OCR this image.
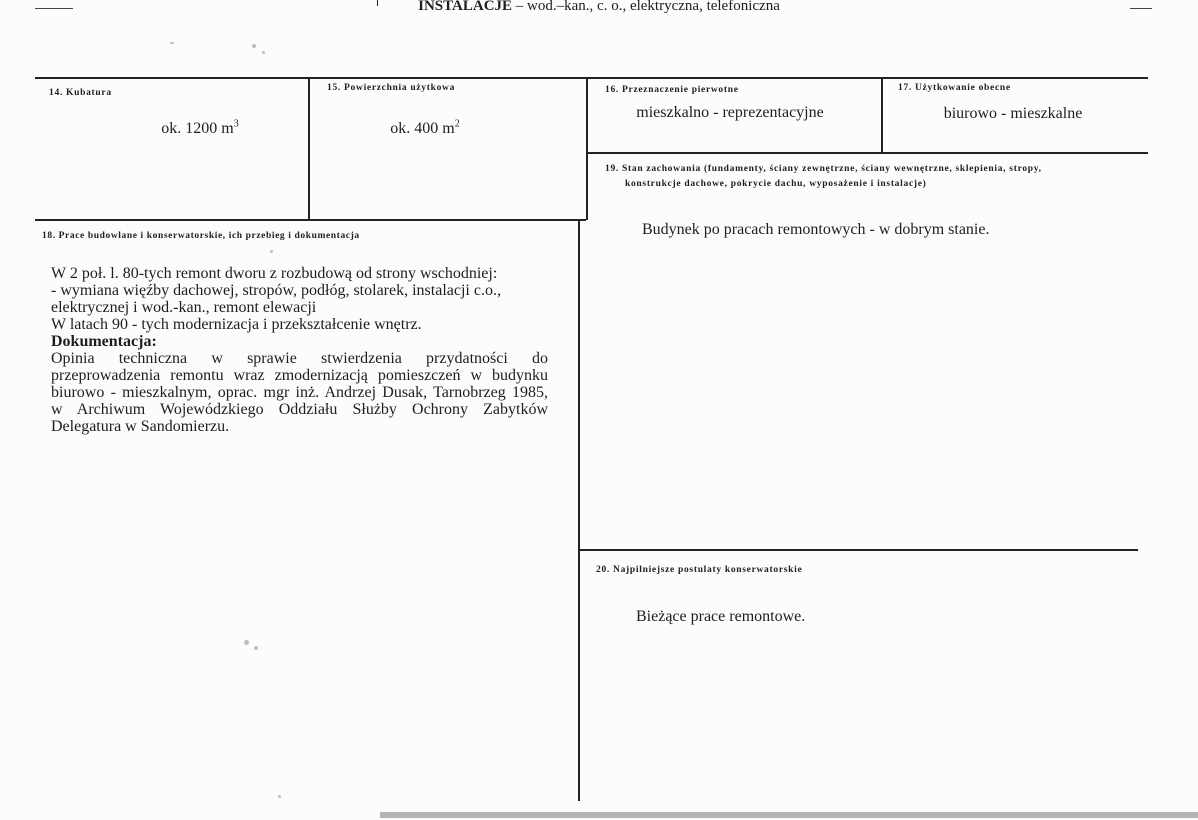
INSTALACJE – wod.–kan., c. o., elektryczna, telefoniczna
14. Kubatura
ok. 1200 $m^3$
15. Powierzchnia użytkowa
ok. 400 $m^2$
16. Przeznaczenie pierwotne
mieszkalno - reprezentacyjne
17. Użytkowanie obecne
biurowo - mieszkalne
19. Stan zachowania (fundamenty, ściany zewnętrzne, ściany wewnętrzne, sklepienia, stropy,
konstrukcje dachowe, pokrycie dachu, wyposażenie i instalacje)
Budynek po pracach remontowych - w dobrym stanie.
18. Prace budowlane i konserwatorskie, ich przebieg i dokumentacja
W 2 poł. l. 80-tych remont dworu z rozbudową od strony wschodniej:
- wymiana więźby dachowej, stropów, podłóg, stolarek, instalacji c.o.,
elektrycznej i wod.-kan., remont elewacji
W latach 90 - tych modernizacja i przekształcenie wnętrz.
Dokumentacja:
Opinia techniczna w sprawie stwierdzenia przydatności do
przeprowadzenia remontu wraz zmodernizacją pomieszczeń w budynku
biurowo - mieszkalnym, oprac. mgr inż. Andrzej Dusak, Tarnobrzeg 1985,
w Archiwum Wojewódzkiego Oddziału Służby Ochrony Zabytków
Delegatura w Sandomierzu.
20. Najpilniejsze postulaty konserwatorskie
Bieżące prace remontowe.
